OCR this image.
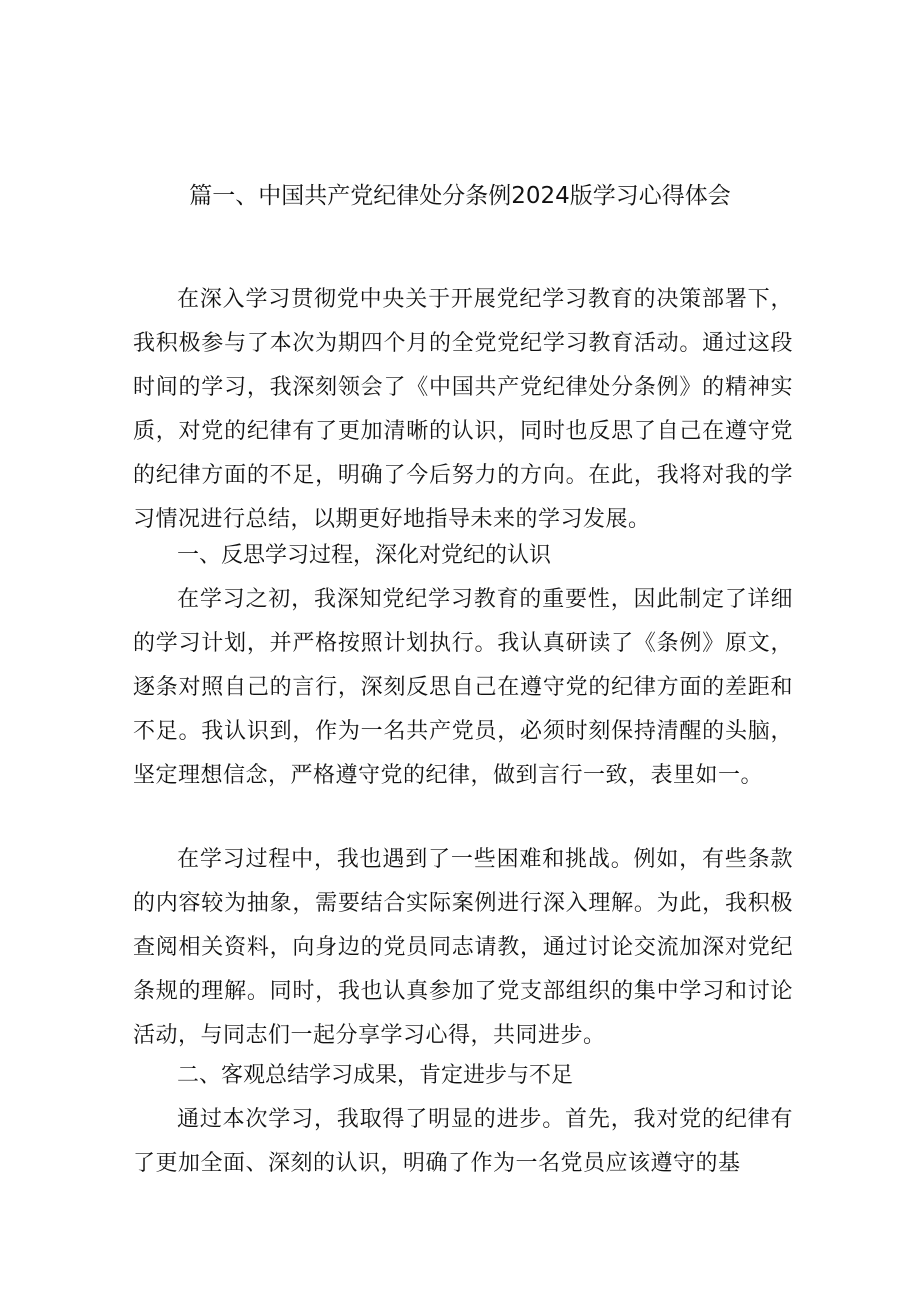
篇一、中国共产党纪律处分条例2024版学习心得体会

在深入学习贯彻党中央关于开展党纪学习教育的决策部署下，我积极参与了本次为期四个月的全党党纪学习教育活动。通过这段时间的学习，我深刻领会了《中国共产党纪律处分条例》的精神实质，对党的纪律有了更加清晰的认识，同时也反思了自己在遵守党的纪律方面的不足，明确了今后努力的方向。在此，我将对我的学习情况进行总结，以期更好地指导未来的学习发展。

一、反思学习过程，深化对党纪的认识

在学习之初，我深知党纪学习教育的重要性，因此制定了详细的学习计划，并严格按照计划执行。我认真研读了《条例》原文，逐条对照自己的言行，深刻反思自己在遵守党的纪律方面的差距和不足。我认识到，作为一名共产党员，必须时刻保持清醒的头脑，坚定理想信念，严格遵守党的纪律，做到言行一致，表里如一。

在学习过程中，我也遇到了一些困难和挑战。例如，有些条款的内容较为抽象，需要结合实际案例进行深入理解。为此，我积极查阅相关资料，向身边的党员同志请教，通过讨论交流加深对党纪条规的理解。同时，我也认真参加了党支部组织的集中学习和讨论活动，与同志们一起分享学习心得，共同进步。

二、客观总结学习成果，肯定进步与不足

通过本次学习，我取得了明显的进步。首先，我对党的纪律有了更加全面、深刻的认识，明确了作为一名党员应该遵守的基
